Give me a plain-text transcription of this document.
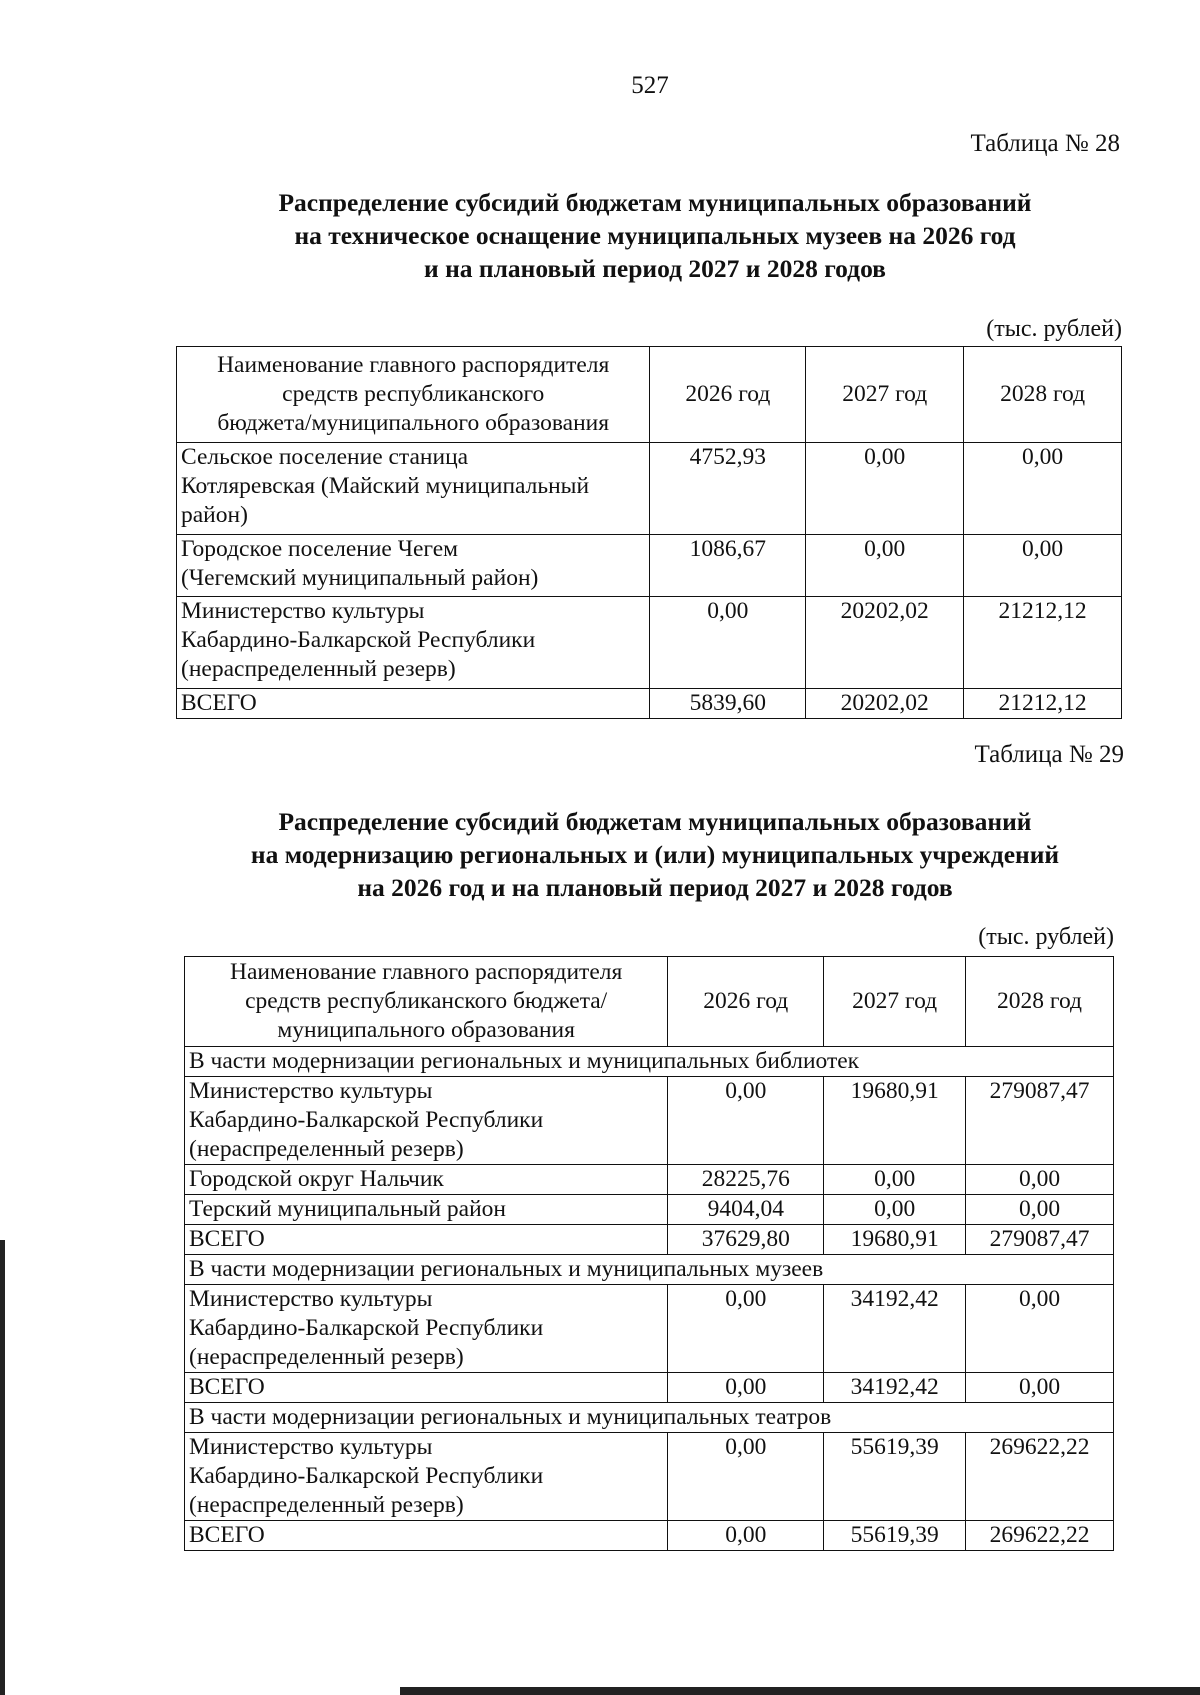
527
Таблица № 28
Распределение субсидий бюджетам муниципальных образований
на техническое оснащение муниципальных музеев на 2026 год
и на плановый период 2027 и 2028 годов
(тыс. рублей)
Наименование главного распорядителя
средств республиканского
бюджета/муниципального образования	2026 год	2027 год	2028 год

Сельское поселение станица
Котляревская (Майский муниципальный
район)	4752,93	0,00	0,00

Городское поселение Чегем
(Чегемский муниципальный район)	1086,67	0,00	0,00

Министерство культуры
Кабардино-Балкарской Республики
(нераспределенный резерв)	0,00	20202,02	21212,12
ВСЕГО	5839,60	20202,02	21212,12
Таблица № 29
Распределение субсидий бюджетам муниципальных образований
на модернизацию региональных и (или) муниципальных учреждений
на 2026 год и на плановый период 2027 и 2028 годов
(тыс. рублей)
Наименование главного распорядителя
средств республиканского бюджета/
муниципального образования	2026 год	2027 год	2028 год
В части модернизации региональных и муниципальных библиотек			

Министерство культуры
Кабардино-Балкарской Республики
(нераспределенный резерв)	0,00	19680,91	279087,47
Городской округ Нальчик	28225,76	0,00	0,00
Терский муниципальный район	9404,04	0,00	0,00
ВСЕГО	37629,80	19680,91	279087,47
В части модернизации региональных и муниципальных музеев			

Министерство культуры
Кабардино-Балкарской Республики
(нераспределенный резерв)	0,00	34192,42	0,00
ВСЕГО	0,00	34192,42	0,00
В части модернизации региональных и муниципальных театров			

Министерство культуры
Кабардино-Балкарской Республики
(нераспределенный резерв)	0,00	55619,39	269622,22
ВСЕГО	0,00	55619,39	269622,22
